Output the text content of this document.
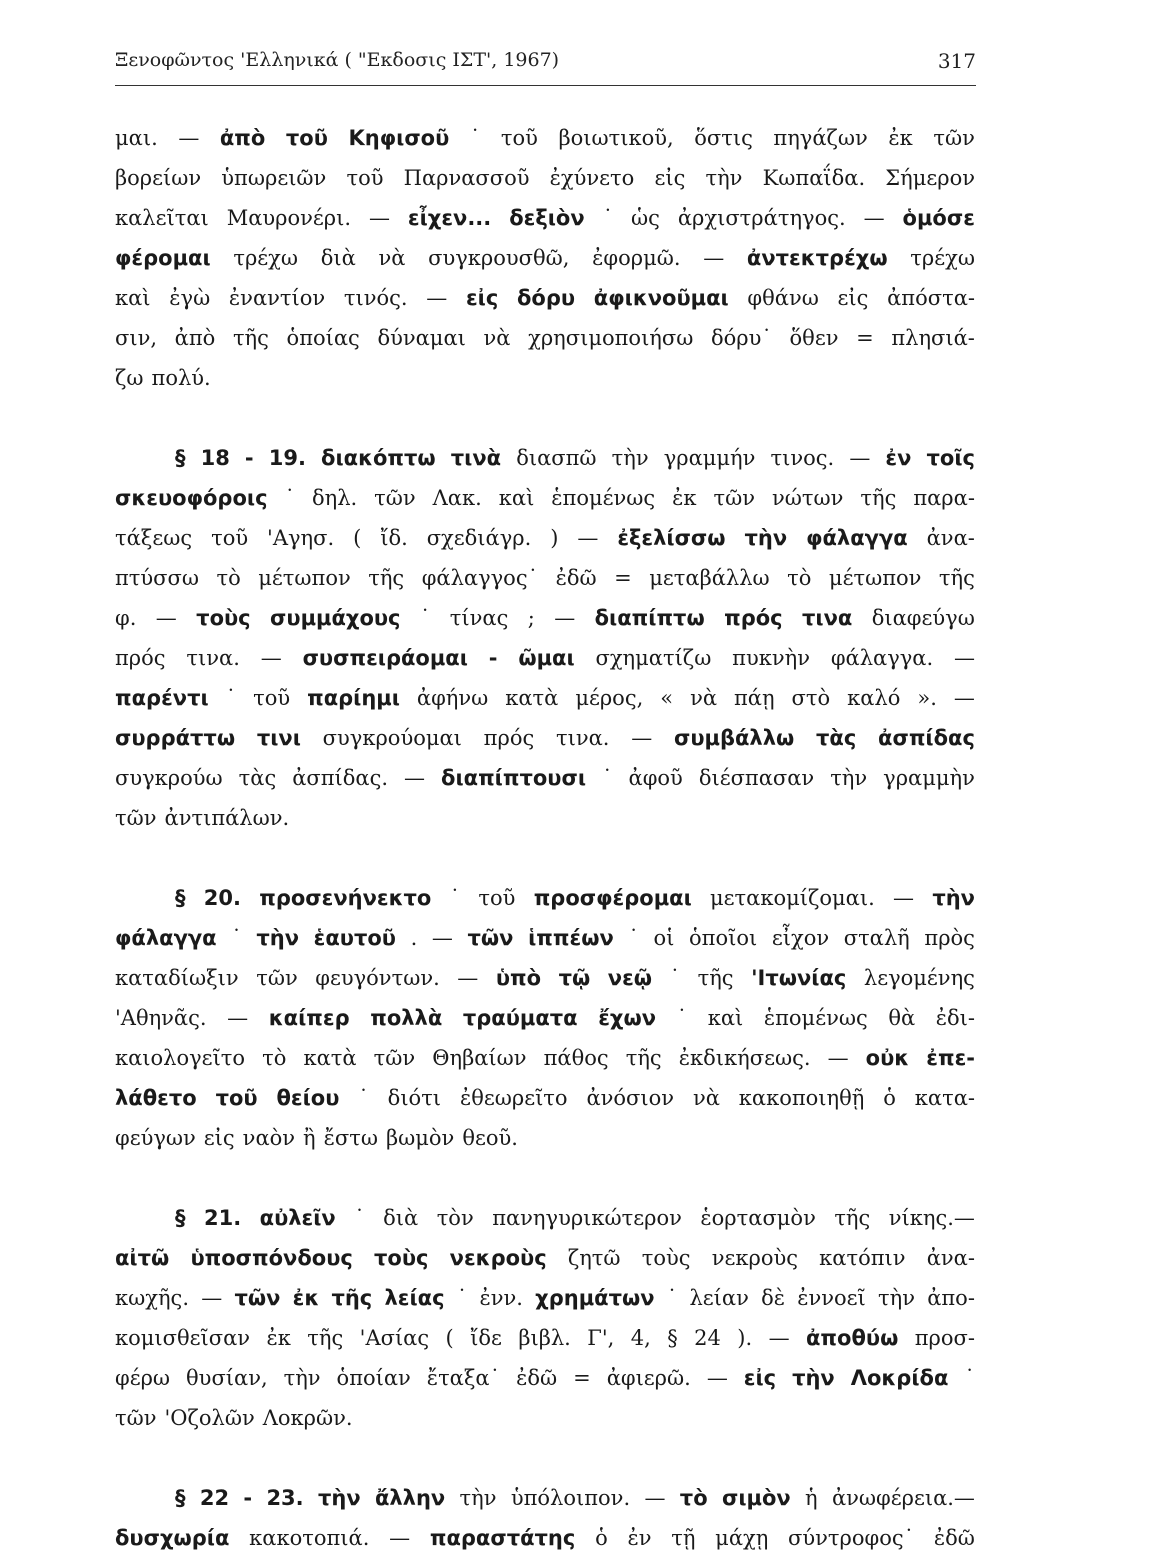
Ξενοφῶντος 'Ελληνικά ( "Εκδοσις ΙΣΤ', 1967)	317
μαι. — ἀπὸ τοῦ Κηφισοῦ ˙ τοῦ βοιωτικοῦ, ὅστις πηγάζων ἐκ τῶν
βορείων ὑπωρειῶν τοῦ Παρνασσοῦ ἐχύνετο εἰς τὴν Κωπαΐδα. Σήμερον
καλεῖται Μαυρονέρι. — εἶχεν... δεξιὸν ˙ ὡς ἀρχιστράτηγος. — ὁμόσε
φέρομαι τρέχω διὰ νὰ συγκρουσθῶ, ἐφορμῶ. — ἀντεκτρέχω τρέχω
καὶ ἐγὼ ἐναντίον τινός. — εἰς δόρυ ἀφικνοῦμαι φθάνω εἰς ἀπόστα-
σιν, ἀπὸ τῆς ὁποίας δύναμαι νὰ χρησιμοποιήσω δόρυ˙ ὅθεν = πλησιά-
ζω πολύ.
§ 18 - 19. διακόπτω τινὰ διασπῶ τὴν γραμμήν τινος. — ἐν τοῖς
σκευοφόροις ˙ δηλ. τῶν Λακ. καὶ ἑπομένως ἐκ τῶν νώτων τῆς παρα-
τάξεως τοῦ 'Αγησ. ( ἴδ. σχεδιάγρ. ) — ἐξελίσσω τὴν φάλαγγα ἀνα-
πτύσσω τὸ μέτωπον τῆς φάλαγγος˙ ἐδῶ = μεταβάλλω τὸ μέτωπον τῆς
φ. — τοὺς συμμάχους ˙ τίνας ; — διαπίπτω πρός τινα διαφεύγω
πρός τινα. — συσπειράομαι - ῶμαι σχηματίζω πυκνὴν φάλαγγα. —
παρέντι ˙ τοῦ παρίημι ἀφήνω κατὰ μέρος, « νὰ πάῃ στὸ καλό ». —
συρράττω τινι συγκρούομαι πρός τινα. — συμβάλλω τὰς ἀσπίδας
συγκρούω τὰς ἀσπίδας. — διαπίπτουσι ˙ ἀφοῦ διέσπασαν τὴν γραμμὴν
τῶν ἀντιπάλων.
§ 20. προσενήνεκτο ˙ τοῦ προσφέρομαι μετακομίζομαι. — τὴν
φάλαγγα ˙ τὴν ἑαυτοῦ . — τῶν ἱππέων ˙ οἱ ὁποῖοι εἶχον σταλῆ πρὸς
καταδίωξιν τῶν φευγόντων. — ὑπὸ τῷ νεῷ ˙ τῆς 'Ιτωνίας λεγομένης
'Αθηνᾶς. — καίπερ πολλὰ τραύματα ἔχων ˙ καὶ ἑπομένως θὰ ἐδι-
καιολογεῖτο τὸ κατὰ τῶν Θηβαίων πάθος τῆς ἐκδικήσεως. — οὐκ ἐπε-
λάθετο τοῦ θείου ˙ διότι ἐθεωρεῖτο ἀνόσιον νὰ κακοποιηθῇ ὁ κατα-
φεύγων εἰς ναὸν ἢ ἔστω βωμὸν θεοῦ.
§ 21. αὐλεῖν ˙ διὰ τὸν πανηγυρικώτερον ἑορτασμὸν τῆς νίκης.—
αἰτῶ ὑποσπόνδους τοὺς νεκροὺς ζητῶ τοὺς νεκροὺς κατόπιν ἀνα-
κωχῆς. — τῶν ἐκ τῆς λείας ˙ ἐνν. χρημάτων ˙ λείαν δὲ ἐννοεῖ τὴν ἀπο-
κομισθεῖσαν ἐκ τῆς 'Ασίας ( ἴδε βιβλ. Γ', 4, § 24 ). — ἀποθύω προσ-
φέρω θυσίαν, τὴν ὁποίαν ἔταξα˙ ἐδῶ = ἀφιερῶ. — εἰς τὴν Λοκρίδα ˙
τῶν 'Οζολῶν Λοκρῶν.
§ 22 - 23. τὴν ἄλλην τὴν ὑπόλοιπον. — τὸ σιμὸν ἡ ἀνωφέρεια.—
δυσχωρία κακοτοπιά. — παραστάτης ὁ ἐν τῇ μάχῃ σύντροφος˙ ἐδῶ
